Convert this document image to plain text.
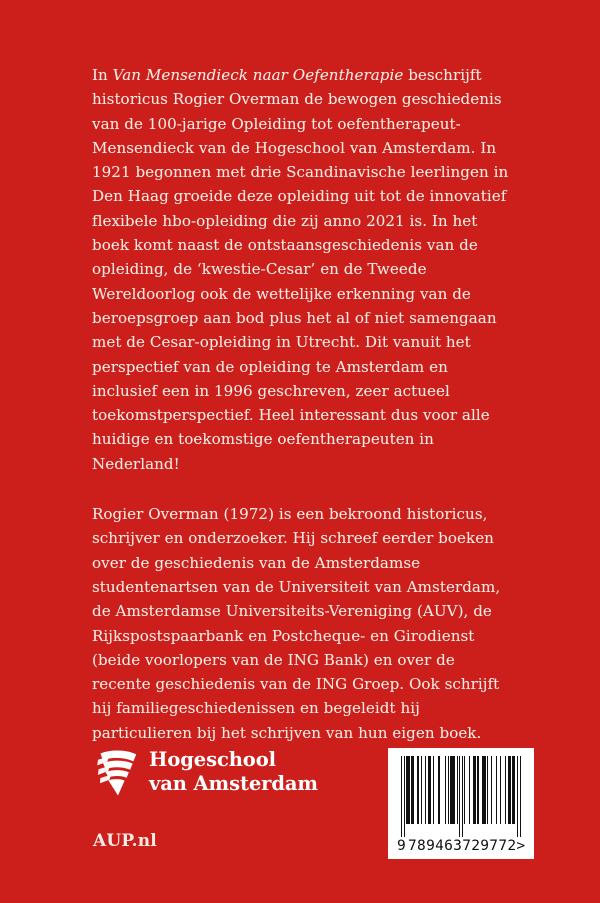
In Van Mensendieck naar Oefentherapie beschrijft historicus Rogier Overman de bewogen geschiedenis van de 100-jarige Opleiding tot oefentherapeut-Mensendieck van de Hogeschool van Amsterdam. In 1921 begonnen met drie Scandinavische leerlingen in Den Haag groeide deze opleiding uit tot de innovatief flexibele hbo-opleiding die zij anno 2021 is. In het boek komt naast de ontstaansgeschiedenis van de opleiding, de ‘kwestie-Cesar’ en de Tweede Wereldoorlog ook de wettelijke erkenning van de beroepsgroep aan bod plus het al of niet samengaan met de Cesar-opleiding in Utrecht. Dit vanuit het perspectief van de opleiding te Amsterdam en inclusief een in 1996 geschreven, zeer actueel toekomstperspectief. Heel interessant dus voor alle huidige en toekomstige oefentherapeuten in Nederland!

Rogier Overman (1972) is een bekroond historicus, schrijver en onderzoeker. Hij schreef eerder boeken over de geschiedenis van de Amsterdamse studentenartsen van de Universiteit van Amsterdam, de Amsterdamse Universiteits-Vereniging (AUV), de Rijkspostspaarbank en Postcheque- en Girodienst (beide voorlopers van de ING Bank) en over de recente geschiedenis van de ING Groep. Ook schrijft hij familiegeschiedenissen en begeleidt hij particulieren bij het schrijven van hun eigen boek.

Hogeschool
van Amsterdam
AUP.nl	9 789463 729772 >
